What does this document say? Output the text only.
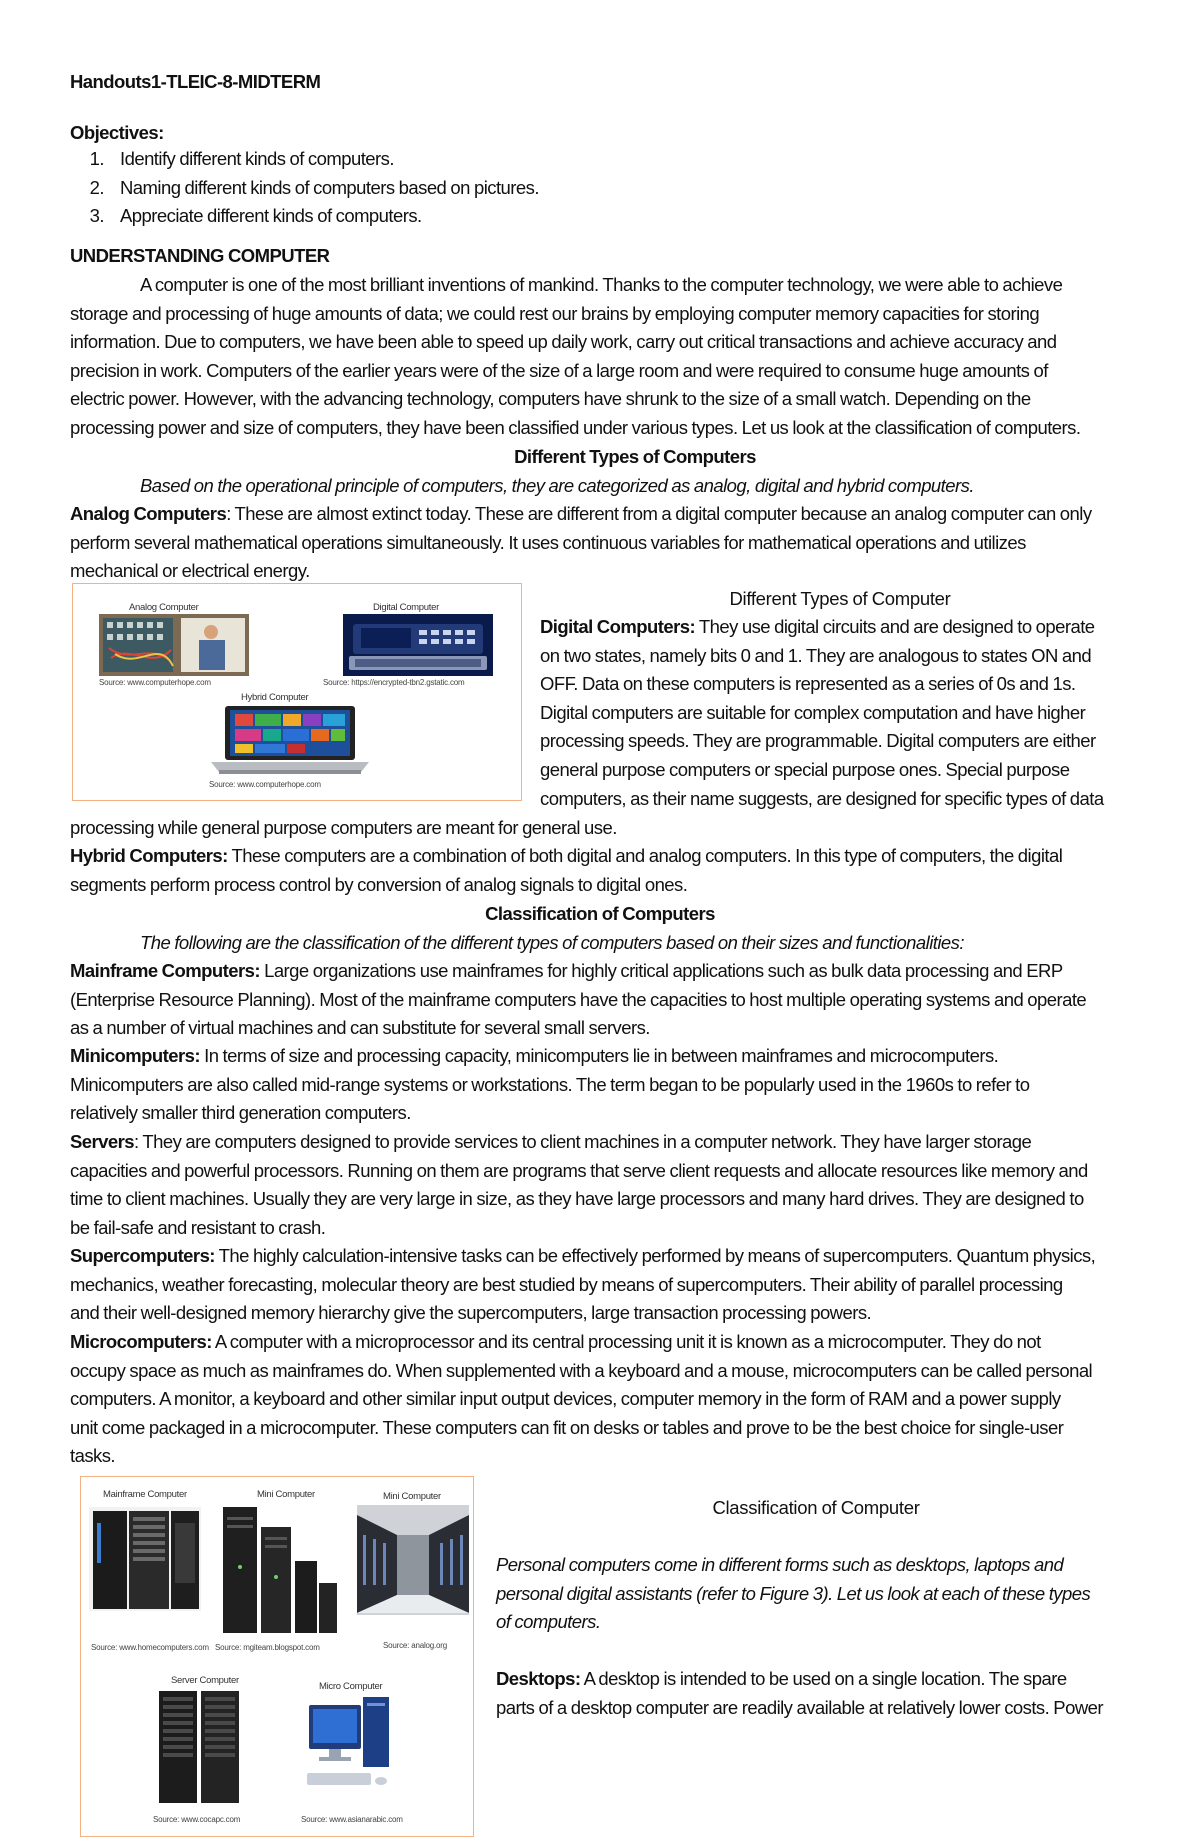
Handouts1-TLEIC-8-MIDTERM
Objectives:
1. Identify different kinds of computers.
2. Naming different kinds of computers based on pictures.
3. Appreciate different kinds of computers.
UNDERSTANDING COMPUTER

A computer is one of the most brilliant inventions of mankind. Thanks to the computer technology, we were able to achieve

storage and processing of huge amounts of data; we could rest our brains by employing computer memory capacities for storing

information. Due to computers, we have been able to speed up daily work, carry out critical transactions and achieve accuracy and

precision in work. Computers of the earlier years were of the size of a large room and were required to consume huge amounts of

electric power. However, with the advancing technology, computers have shrunk to the size of a small watch. Depending on the

processing power and size of computers, they have been classified under various types. Let us look at the classification of computers.

Different Types of Computers
Based on the operational principle of computers, they are categorized as analog, digital and hybrid computers.

Analog Computers: These are almost extinct today. These are different from a digital computer because an analog computer can only

perform several mathematical operations simultaneously. It uses continuous variables for mathematical operations and utilizes

mechanical or electrical energy.

Analog Computer
Source: www.computerhope.com
Digital Computer
Source: https://encrypted-tbn2.gstatic.com
Hybrid Computer
Source: www.computerhope.com
Different Types of Computer

Digital Computers: They use digital circuits and are designed to operate

on two states, namely bits 0 and 1. They are analogous to states ON and

OFF. Data on these computers is represented as a series of 0s and 1s.

Digital computers are suitable for complex computation and have higher

processing speeds. They are programmable. Digital computers are either

general purpose computers or special purpose ones. Special purpose

computers, as their name suggests, are designed for specific types of data

processing while general purpose computers are meant for general use.

Hybrid Computers: These computers are a combination of both digital and analog computers. In this type of computers, the digital

segments perform process control by conversion of analog signals to digital ones.

Classification of Computers
The following are the classification of the different types of computers based on their sizes and functionalities:

Mainframe Computers: Large organizations use mainframes for highly critical applications such as bulk data processing and ERP

(Enterprise Resource Planning). Most of the mainframe computers have the capacities to host multiple operating systems and operate

as a number of virtual machines and can substitute for several small servers.

Minicomputers: In terms of size and processing capacity, minicomputers lie in between mainframes and microcomputers.

Minicomputers are also called mid-range systems or workstations. The term began to be popularly used in the 1960s to refer to

relatively smaller third generation computers.

Servers: They are computers designed to provide services to client machines in a computer network. They have larger storage

capacities and powerful processors. Running on them are programs that serve client requests and allocate resources like memory and

time to client machines. Usually they are very large in size, as they have large processors and many hard drives. They are designed to

be fail-safe and resistant to crash.

Supercomputers: The highly calculation-intensive tasks can be effectively performed by means of supercomputers. Quantum physics,

mechanics, weather forecasting, molecular theory are best studied by means of supercomputers. Their ability of parallel processing

and their well-designed memory hierarchy give the supercomputers, large transaction processing powers.

Microcomputers: A computer with a microprocessor and its central processing unit it is known as a microcomputer. They do not

occupy space as much as mainframes do. When supplemented with a keyboard and a mouse, microcomputers can be called personal

computers. A monitor, a keyboard and other similar input output devices, computer memory in the form of RAM and a power supply

unit come packaged in a microcomputer. These computers can fit on desks or tables and prove to be the best choice for single-user

tasks.

Mainframe Computer
Source: www.homecomputers.com
Mini Computer
Source: mgiteam.blogspot.com
Mini Computer
Source: analog.org
Server Computer
Source: www.cocapc.com
Micro Computer
Source: www.asianarabic.com
Classification of Computer

Personal computers come in different forms such as desktops, laptops and

personal digital assistants (refer to Figure 3). Let us look at each of these types

of computers.

Desktops: A desktop is intended to be used on a single location. The spare

parts of a desktop computer are readily available at relatively lower costs. Power
